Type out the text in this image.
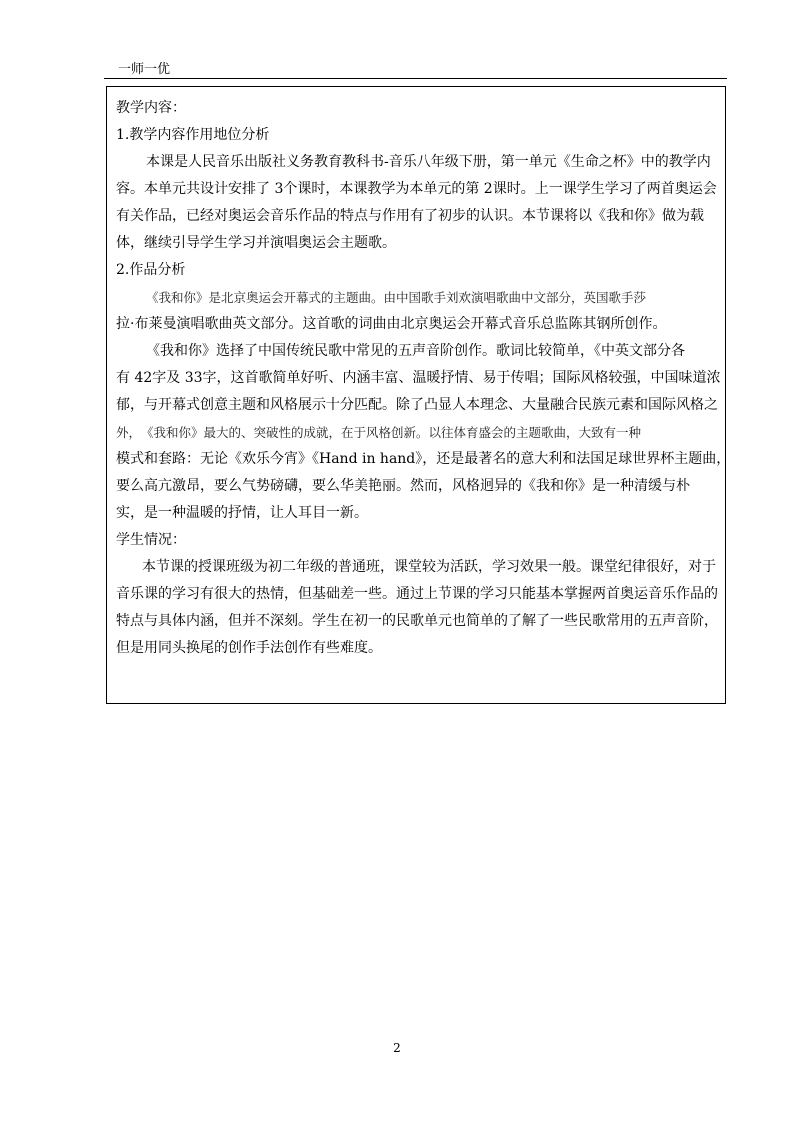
一师一优
教学内容：
1.教学内容作用地位分析
本课是人民音乐出版社义务教育教科书-音乐八年级下册，第一单元《生命之杯》中的教学内
容。本单元共设计安排了 3个课时，本课教学为本单元的第 2课时。上一课学生学习了两首奥运会
有关作品，已经对奥运会音乐作品的特点与作用有了初步的认识。本节课将以《我和你》做为载
体，继续引导学生学习并演唱奥运会主题歌。
2.作品分析
《我和你》是北京奥运会开幕式的主题曲。由中国歌手刘欢演唱歌曲中文部分，英国歌手莎
拉·布莱曼演唱歌曲英文部分。这首歌的词曲由北京奥运会开幕式音乐总监陈其钢所创作。
《我和你》选择了中国传统民歌中常见的五声音阶创作。歌词比较简单，《中英文部分各
有 42字及 33字，这首歌简单好听、内涵丰富、温暖抒情、易于传唱；国际风格较强，中国味道浓
郁，与开幕式创意主题和风格展示十分匹配。除了凸显人本理念、大量融合民族元素和国际风格之
外，　《我和你》最大的、突破性的成就，在于风格创新。以往体育盛会的主题歌曲，大致有一种
模式和套路：无论《欢乐今宵》《Hand in hand》，还是最著名的意大利和法国足球世界杯主题曲，
要么高亢激昂，要么气势磅礴，要么华美艳丽。然而，风格迥异的《我和你》是一种清缓与朴
实，是一种温暖的抒情，让人耳目一新。
学生情况：
本节课的授课班级为初二年级的普通班，课堂较为活跃，学习效果一般。课堂纪律很好，对于
音乐课的学习有很大的热情，但基础差一些。通过上节课的学习只能基本掌握两首奥运音乐作品的
特点与具体内涵，但并不深刻。学生在初一的民歌单元也简单的了解了一些民歌常用的五声音阶，
但是用同头换尾的创作手法创作有些难度。
2
